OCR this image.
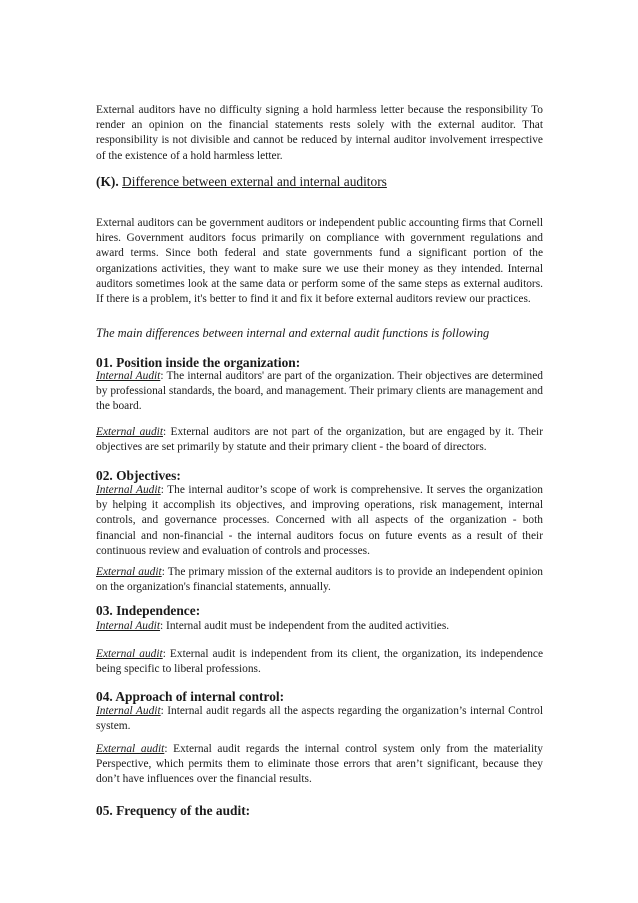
External auditors have no difficulty signing a hold harmless letter because the responsibility To render an opinion on the financial statements rests solely with the external auditor. That responsibility is not divisible and cannot be reduced by internal auditor involvement irrespective of the existence of a hold harmless letter.

(K). Difference between external and internal auditors

External auditors can be government auditors or independent public accounting firms that Cornell hires. Government auditors focus primarily on compliance with government regulations and award terms. Since both federal and state governments fund a significant portion of the organizations activities, they want to make sure we use their money as they intended. Internal auditors sometimes look at the same data or perform some of the same steps as external auditors. If there is a problem, it's better to find it and fix it before external auditors review our practices.

The main differences between internal and external audit functions is following

01. Position inside the organization:

Internal Audit: The internal auditors' are part of the organization. Their objectives are determined by professional standards, the board, and management. Their primary clients are management and the board.

External audit: External auditors are not part of the organization, but are engaged by it. Their objectives are set primarily by statute and their primary client - the board of directors.

02. Objectives:

Internal Audit: The internal auditor’s scope of work is comprehensive. It serves the organization by helping it accomplish its objectives, and improving operations, risk management, internal controls, and governance processes. Concerned with all aspects of the organization - both financial and non-financial - the internal auditors focus on future events as a result of their continuous review and evaluation of controls and processes.

External audit: The primary mission of the external auditors is to provide an independent opinion on the organization's financial statements, annually.

03. Independence:

Internal Audit: Internal audit must be independent from the audited activities.

External audit: External audit is independent from its client, the organization, its independence being specific to liberal professions.

04. Approach of internal control:

Internal Audit: Internal audit regards all the aspects regarding the organization’s internal Control system.

External audit: External audit regards the internal control system only from the materiality Perspective, which permits them to eliminate those errors that aren’t significant, because they don’t have influences over the financial results.

05. Frequency of the audit:
